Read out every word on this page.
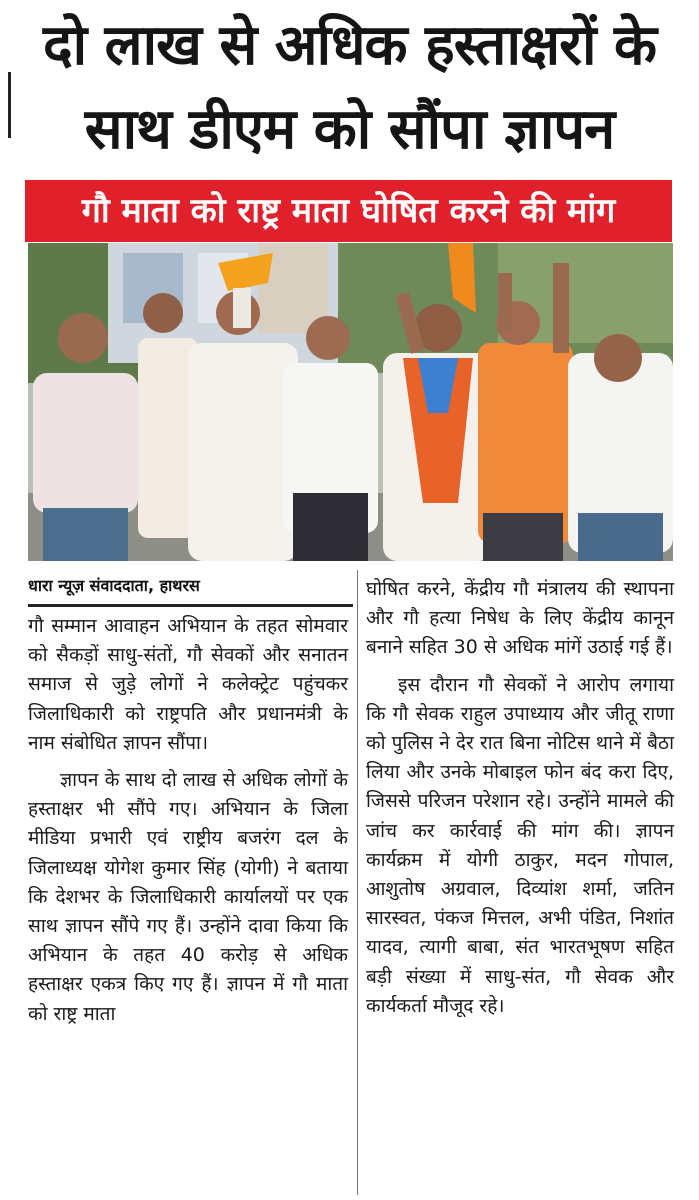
दो लाख से अधिक हस्ताक्षरों के
साथ डीएम को सौंपा ज्ञापन
गौ माता को राष्ट्र माता घोषित करने की मांग
धारा न्यूज़ संवाददाता, हाथरस

गौ सम्मान आवाहन अभियान के तहत सोमवार को सैकड़ों साधु-संतों, गौ सेवकों और सनातन समाज से जुड़े लोगों ने कलेक्ट्रेट पहुंचकर जिलाधिकारी को राष्ट्रपति और प्रधानमंत्री के नाम संबोधित ज्ञापन सौंपा।

ज्ञापन के साथ दो लाख से अधिक लोगों के हस्ताक्षर भी सौंपे गए। अभियान के जिला मीडिया प्रभारी एवं राष्ट्रीय बजरंग दल के जिलाध्यक्ष योगेश कुमार सिंह (योगी) ने बताया कि देशभर के जिलाधिकारी कार्यालयों पर एक साथ ज्ञापन सौंपे गए हैं। उन्होंने दावा किया कि अभियान के तहत 40 करोड़ से अधिक हस्ताक्षर एकत्र किए गए हैं। ज्ञापन में गौ माता को राष्ट्र माता

घोषित करने, केंद्रीय गौ मंत्रालय की स्थापना और गौ हत्या निषेध के लिए केंद्रीय कानून बनाने सहित 30 से अधिक मांगें उठाई गई हैं।

इस दौरान गौ सेवकों ने आरोप लगाया कि गौ सेवक राहुल उपाध्याय और जीतू राणा को पुलिस ने देर रात बिना नोटिस थाने में बैठा लिया और उनके मोबाइल फोन बंद करा दिए, जिससे परिजन परेशान रहे। उन्होंने मामले की जांच कर कार्रवाई की मांग की। ज्ञापन कार्यक्रम में योगी ठाकुर, मदन गोपाल, आशुतोष अग्रवाल, दिव्यांश शर्मा, जतिन सारस्वत, पंकज मित्तल, अभी पंडित, निशांत यादव, त्यागी बाबा, संत भारतभूषण सहित बड़ी संख्या में साधु-संत, गौ सेवक और कार्यकर्ता मौजूद रहे।
